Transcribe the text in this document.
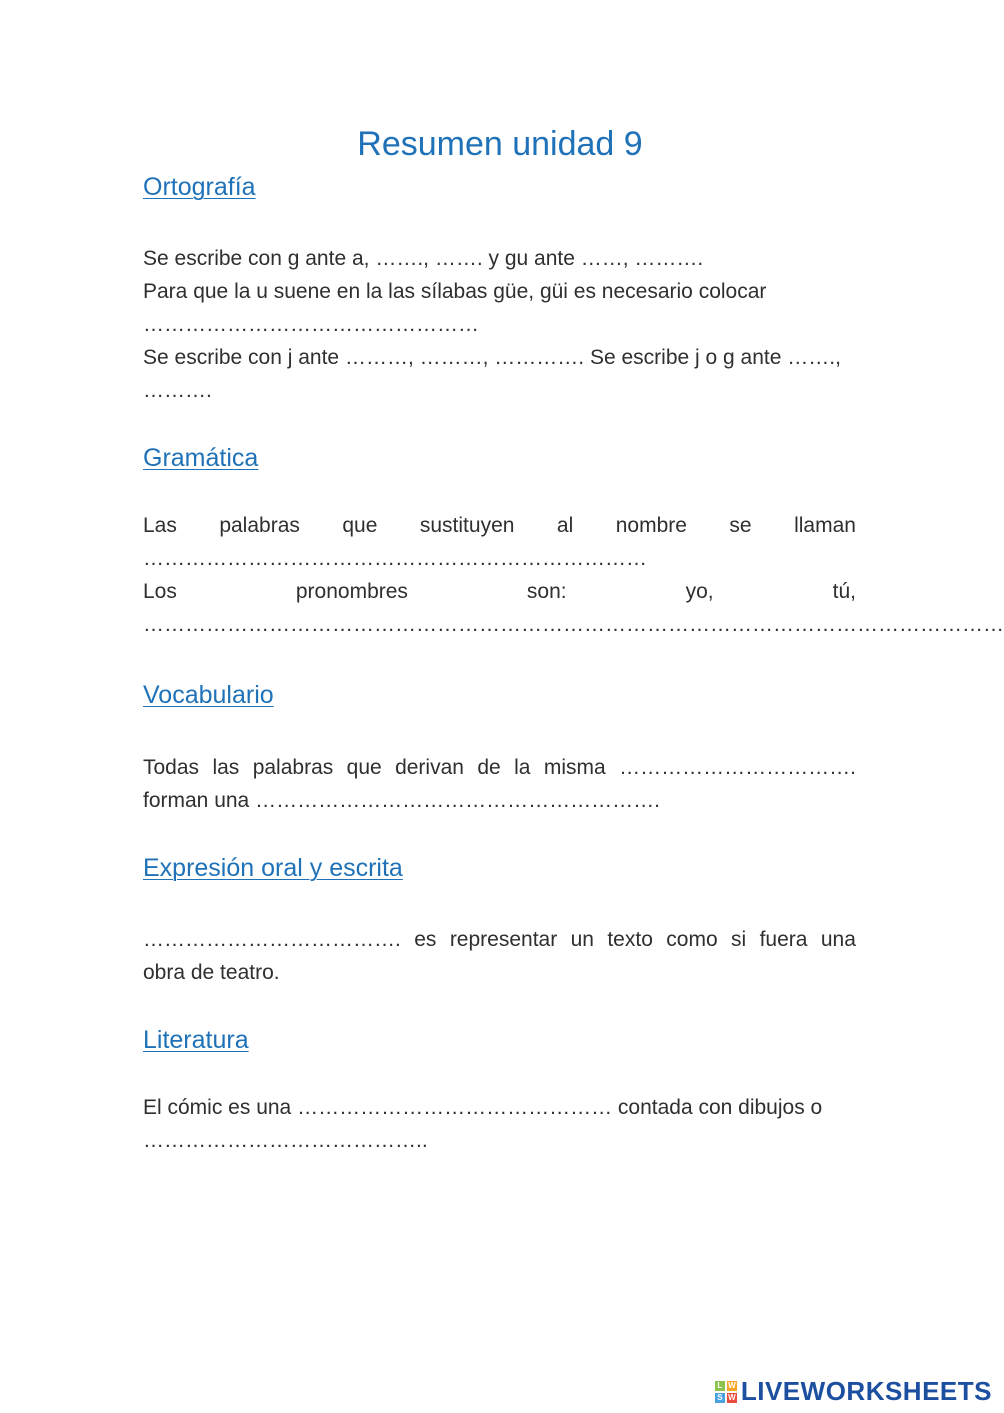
Resumen unidad 9
Ortografía
Se escribe con g ante a, ……., ……. y gu ante ……, ……….
Para que la u suene en la las sílabas güe, güi es necesario colocar
…………………………………………
Se escribe con j ante ………, ………, …………. Se escribe j o g ante …….,
……….
Gramática
Las palabras que sustituyen al nombre se llaman
………………………………………………………………
Los	pronombres	son:	yo,	tú,
……………………………………………………………………………………………………………
Vocabulario
Todas las palabras que derivan de la misma …………………………….
forman una ………………………………………………….
Expresión oral y escrita
………………………………. es representar un texto como si fuera una
obra de teatro.
Literatura
El cómic es una ……………………………………… contada con dibujos o
…………………………………..
L W
S W LIVEWORKSHEETS
